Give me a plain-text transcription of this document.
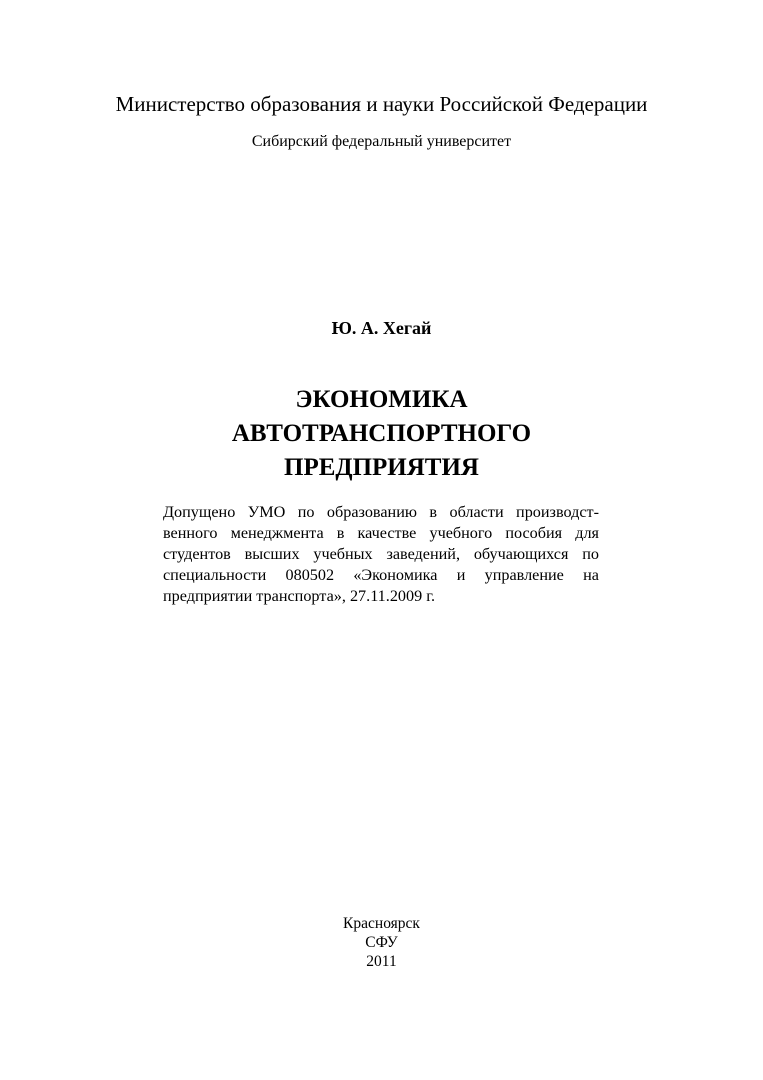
Министерство образования и науки Российской Федерации
Сибирский федеральный университет
Ю. А. Хегай
ЭКОНОМИКА
АВТОТРАНСПОРТНОГО
ПРЕДПРИЯТИЯ
Допущено УМО по образованию в области производст-
венного менеджмента в качестве учебного пособия для
студентов высших учебных заведений, обучающихся по
специальности 080502 «Экономика и управление на
предприятии транспорта», 27.11.2009 г.
Красноярск
СФУ
2011
